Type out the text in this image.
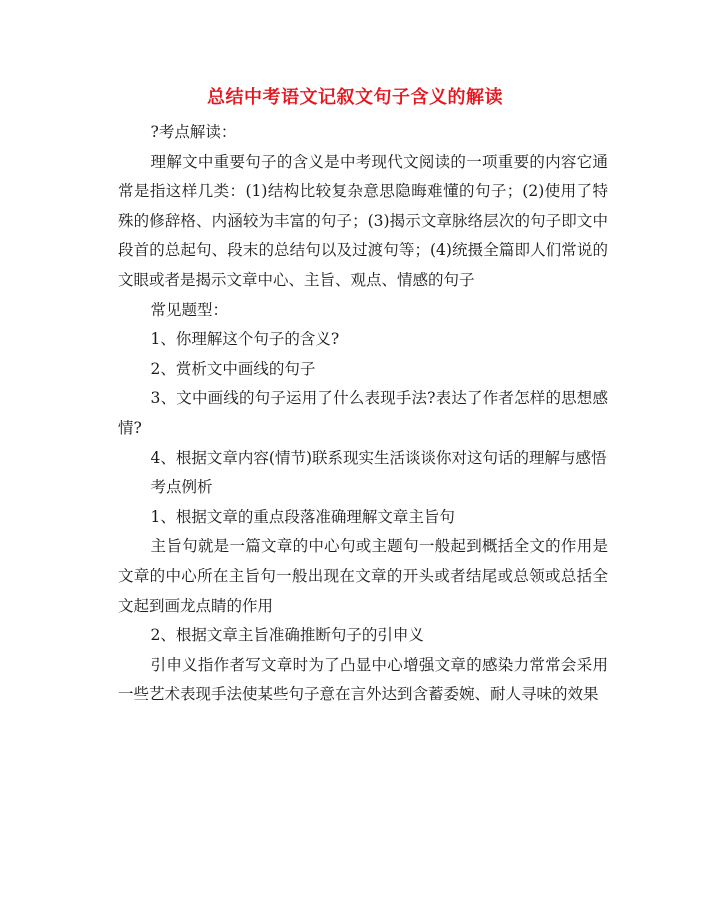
总结中考语文记叙文句子含义的解读

?考点解读：

理解文中重要句子的含义是中考现代文阅读的一项重要的内容它通常是指这样几类：(1)结构比较复杂意思隐晦难懂的句子；(2)使用了特殊的修辞格、内涵较为丰富的句子；(3)揭示文章脉络层次的句子即文中段首的总起句、段末的总结句以及过渡句等；(4)统摄全篇即人们常说的文眼或者是揭示文章中心、主旨、观点、情感的句子

常见题型：

1、你理解这个句子的含义?

2、赏析文中画线的句子

3、文中画线的句子运用了什么表现手法?表达了作者怎样的思想感情?

4、根据文章内容(情节)联系现实生活谈谈你对这句话的理解与感悟

考点例析

1、根据文章的重点段落准确理解文章主旨句

主旨句就是一篇文章的中心句或主题句一般起到概括全文的作用是文章的中心所在主旨句一般出现在文章的开头或者结尾或总领或总括全文起到画龙点睛的作用

2、根据文章主旨准确推断句子的引申义

引申义指作者写文章时为了凸显中心增强文章的感染力常常会采用一些艺术表现手法使某些句子意在言外达到含蓄委婉、耐人寻味的效果
